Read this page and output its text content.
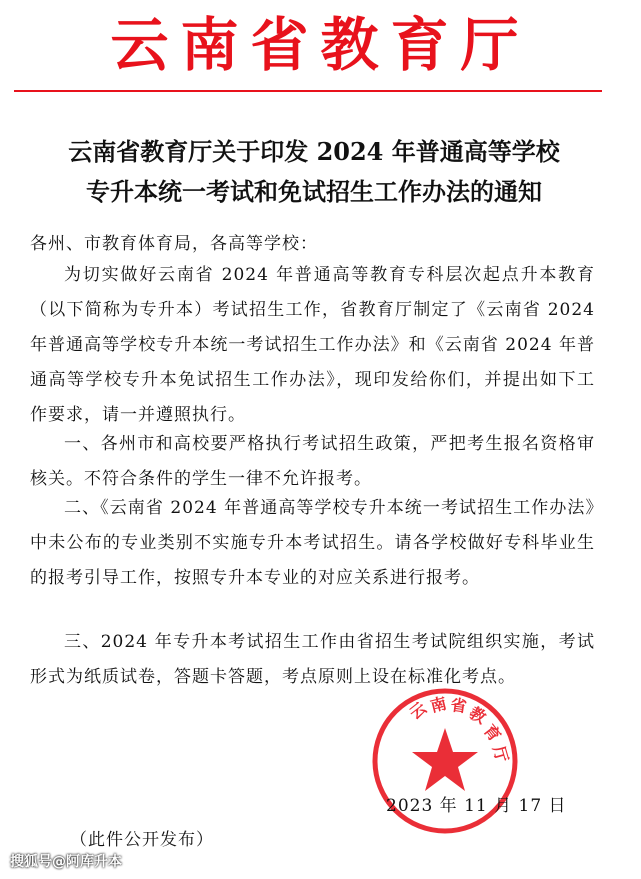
云南省教育厅
云南省教育厅关于印发 2024 年普通高等学校
专升本统一考试和免试招生工作办法的通知
各州、市教育体育局，各高等学校：
为切实做好云南省 2024 年普通高等教育专科层次起点升本教育（以下简称为专升本）考试招生工作，省教育厅制定了《云南省 2024 年普通高等学校专升本统一考试招生工作办法》和《云南省 2024 年普通高等学校专升本免试招生工作办法》，现印发给你们，并提出如下工作要求，请一并遵照执行。
一、各州市和高校要严格执行考试招生政策，严把考生报名资格审核关。不符合条件的学生一律不允许报考。
二、《云南省 2024 年普通高等学校专升本统一考试招生工作办法》中未公布的专业类别不实施专升本考试招生。请各学校做好专科毕业生的报考引导工作，按照专升本专业的对应关系进行报考。
三、2024 年专升本考试招生工作由省招生考试院组织实施，考试形式为纸质试卷，答题卡答题，考点原则上设在标准化考点。
云
南 省
教
育
厅
2023 年 11 月 17 日
（此件公开发布）
搜狐号@阿库升本
